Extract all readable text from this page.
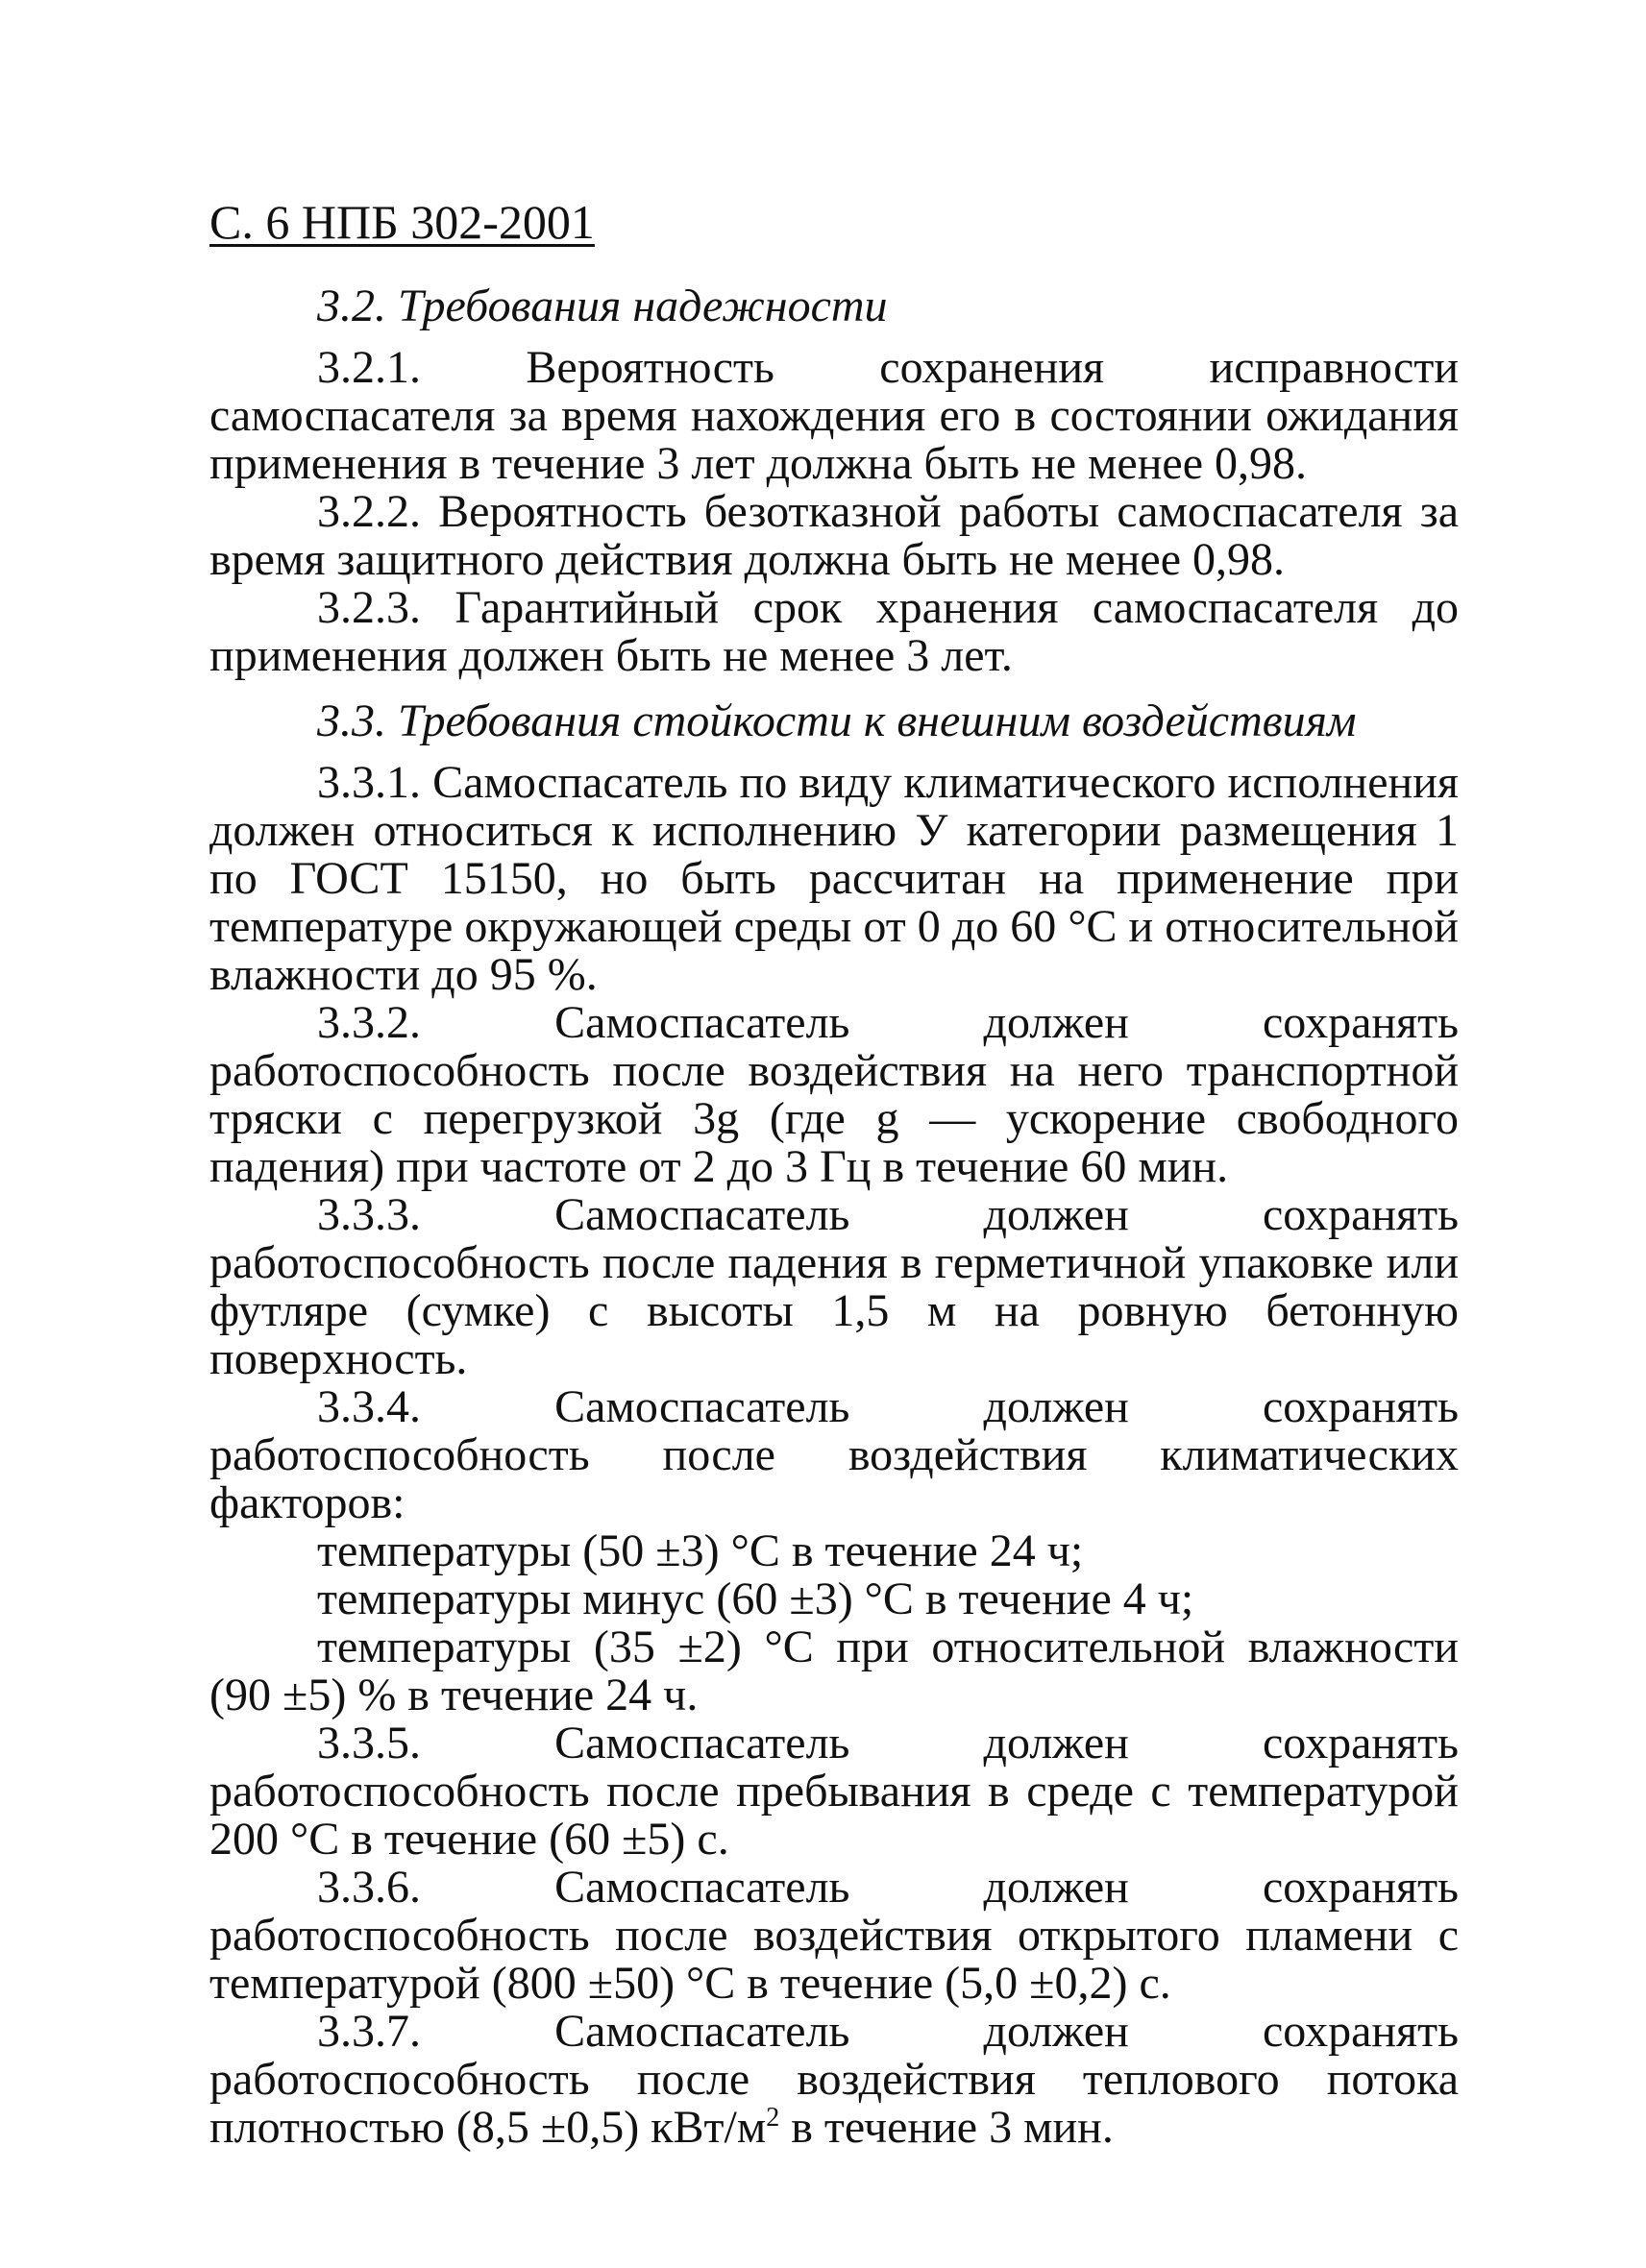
С. 6 НПБ 302-2001
3.2. Требования надежности
3.2.1. Вероятность сохранения исправности самоспасателя за время нахождения его в состоянии ожидания применения в течение 3 лет должна быть не менее 0,98.
3.2.2. Вероятность безотказной работы самоспасателя за время защитного действия должна быть не менее 0,98.
3.2.3. Гарантийный срок хранения самоспасателя до применения должен быть не менее 3 лет.
3.3. Требования стойкости к внешним воздействиям
3.3.1. Самоспасатель по виду климатического исполнения должен относиться к исполнению У категории размещения 1 по ГОСТ 15150, но быть рассчитан на применение при температуре окружающей среды от 0 до 60 °С и относительной влажности до 95 %.
3.3.2. Самоспасатель должен сохранять работоспособность после воздействия на него транспортной тряски с перегрузкой 3g (где g — ускорение свободного падения) при частоте от 2 до 3 Гц в течение 60 мин.
3.3.3. Самоспасатель должен сохранять работоспособность после падения в герметичной упаковке или футляре (сумке) с высоты 1,5 м на ровную бетонную поверхность.
3.3.4. Самоспасатель должен сохранять работоспособность после воздействия климатических факторов:
температуры (50 ±3) °С в течение 24 ч;
температуры минус (60 ±3) °С в течение 4 ч;
температуры (35 ±2) °С при относительной влажности (90 ±5) % в течение 24 ч.
3.3.5. Самоспасатель должен сохранять работоспособность после пребывания в среде с температурой 200 °С в течение (60 ±5) с.
3.3.6. Самоспасатель должен сохранять работоспособность после воздействия открытого пламени с температурой (800 ±50) °С в течение (5,0 ±0,2) с.
3.3.7. Самоспасатель должен сохранять работоспособность после воздействия теплового потока плотностью (8,5 ±0,5) кВт/$м^2$ в течение 3 мин.
